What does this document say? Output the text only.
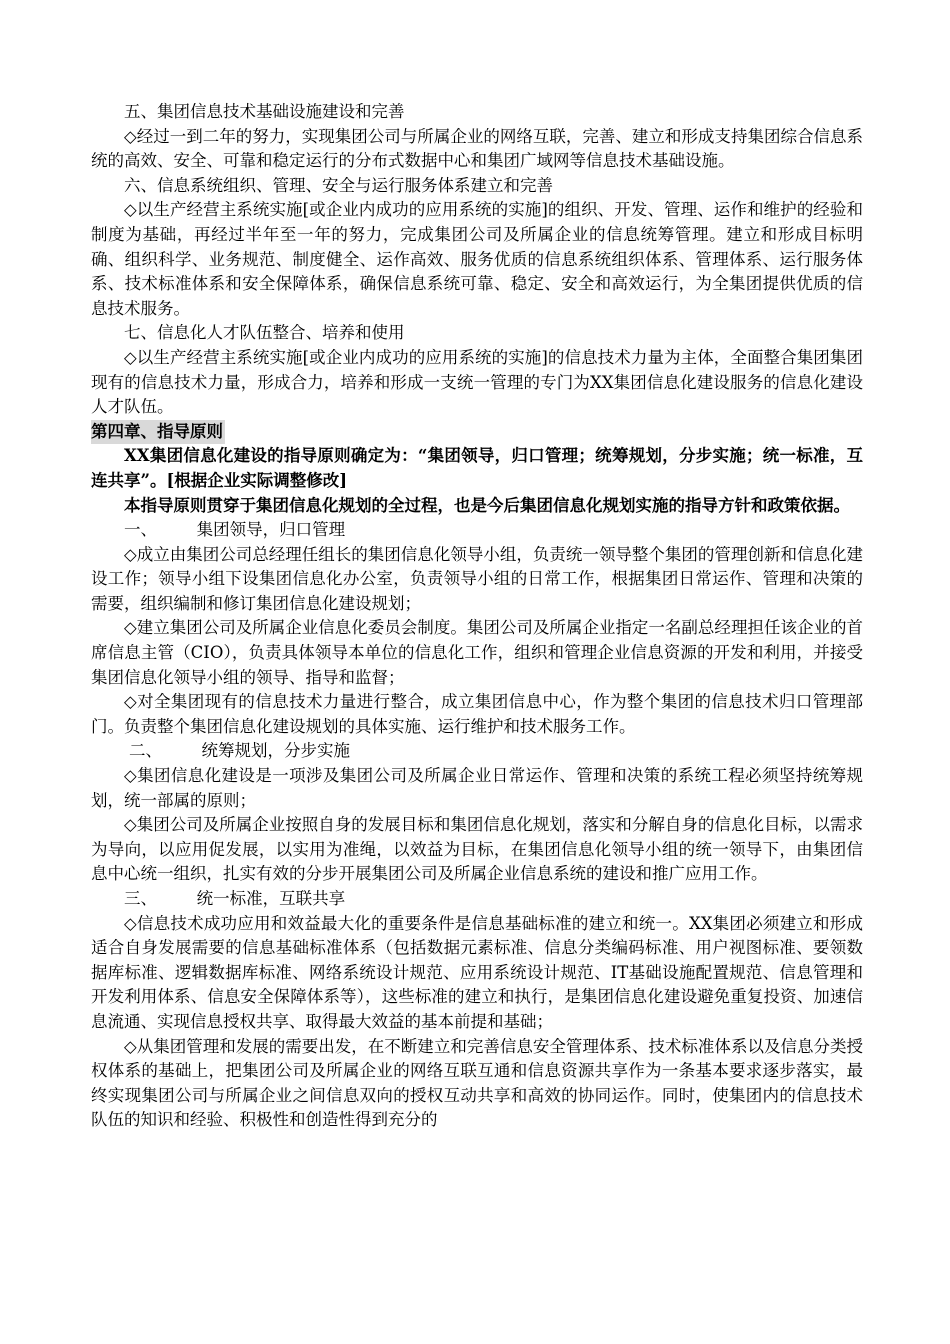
五、集团信息技术基础设施建设和完善

◇经过一到二年的努力，实现集团公司与所属企业的网络互联，完善、建立和形成支持集团综合信息系统的高效、安全、可靠和稳定运行的分布式数据中心和集团广域网等信息技术基础设施。

六、信息系统组织、管理、安全与运行服务体系建立和完善

◇以生产经营主系统实施[或企业内成功的应用系统的实施]的组织、开发、管理、运作和维护的经验和制度为基础，再经过半年至一年的努力，完成集团公司及所属企业的信息统筹管理。建立和形成目标明确、组织科学、业务规范、制度健全、运作高效、服务优质的信息系统组织体系、管理体系、运行服务体系、技术标准体系和安全保障体系，确保信息系统可靠、稳定、安全和高效运行，为全集团提供优质的信息技术服务。

七、信息化人才队伍整合、培养和使用

◇以生产经营主系统实施[或企业内成功的应用系统的实施]的信息技术力量为主体，全面整合集团集团现有的信息技术力量，形成合力，培养和形成一支统一管理的专门为XX集团信息化建设服务的信息化建设人才队伍。

第四章、指导原则

XX集团信息化建设的指导原则确定为：“集团领导，归口管理；统筹规划，分步实施；统一标准，互连共享”。[根据企业实际调整修改]

本指导原则贯穿于集团信息化规划的全过程，也是今后集团信息化规划实施的指导方针和政策依据。

一、 集团领导，归口管理

◇成立由集团公司总经理任组长的集团信息化领导小组，负责统一领导整个集团的管理创新和信息化建设工作；领导小组下设集团信息化办公室，负责领导小组的日常工作，根据集团日常运作、管理和决策的需要，组织编制和修订集团信息化建设规划；

◇建立集团公司及所属企业信息化委员会制度。集团公司及所属企业指定一名副总经理担任该企业的首席信息主管（CIO），负责具体领导本单位的信息化工作，组织和管理企业信息资源的开发和利用，并接受集团信息化领导小组的领导、指导和监督；

◇对全集团现有的信息技术力量进行整合，成立集团信息中心，作为整个集团的信息技术归口管理部门。负责整个集团信息化建设规划的具体实施、运行维护和技术服务工作。

二、 统筹规划，分步实施

◇集团信息化建设是一项涉及集团公司及所属企业日常运作、管理和决策的系统工程必须坚持统筹规划，统一部属的原则；

◇集团公司及所属企业按照自身的发展目标和集团信息化规划，落实和分解自身的信息化目标，以需求为导向，以应用促发展，以实用为准绳，以效益为目标，在集团信息化领导小组的统一领导下，由集团信息中心统一组织，扎实有效的分步开展集团公司及所属企业信息系统的建设和推广应用工作。

三、 统一标准，互联共享

◇信息技术成功应用和效益最大化的重要条件是信息基础标准的建立和统一。XX集团必须建立和形成适合自身发展需要的信息基础标准体系（包括数据元素标准、信息分类编码标准、用户视图标准、要领数据库标准、逻辑数据库标准、网络系统设计规范、应用系统设计规范、IT基础设施配置规范、信息管理和开发利用体系、信息安全保障体系等），这些标准的建立和执行，是集团信息化建设避免重复投资、加速信息流通、实现信息授权共享、取得最大效益的基本前提和基础；

◇从集团管理和发展的需要出发，在不断建立和完善信息安全管理体系、技术标准体系以及信息分类授权体系的基础上，把集团公司及所属企业的网络互联互通和信息资源共享作为一条基本要求逐步落实，最终实现集团公司与所属企业之间信息双向的授权互动共享和高效的协同运作。同时，使集团内的信息技术队伍的知识和经验、积极性和创造性得到充分的
